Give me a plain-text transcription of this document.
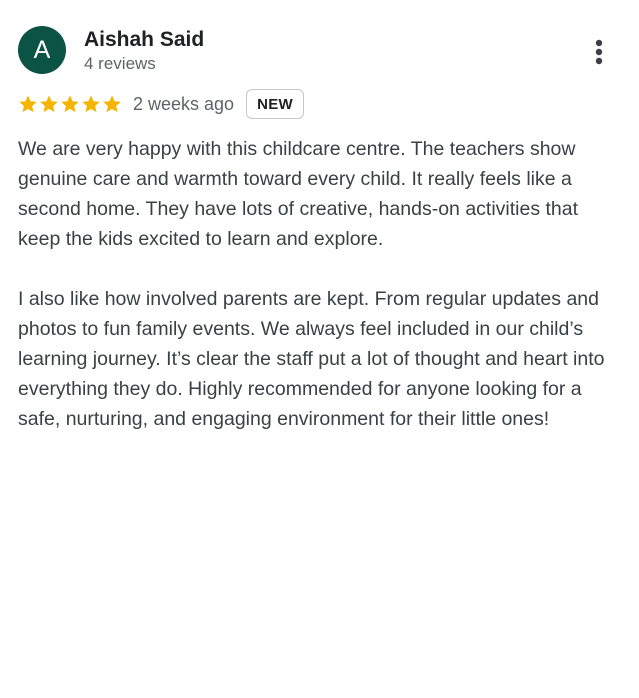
A Aishah Said
4 reviews
2 weeks ago	NEW

We are very happy with this childcare centre. The teachers show genuine care and warmth toward every child. It really feels like a second home. They have lots of creative, hands-on activities that keep the kids excited to learn and explore.

I also like how involved parents are kept. From regular updates and photos to fun family events. We always feel included in our child’s learning journey. It’s clear the staff put a lot of thought and heart into everything they do. Highly recommended for anyone looking for a safe, nurturing, and engaging environment for their little ones!
